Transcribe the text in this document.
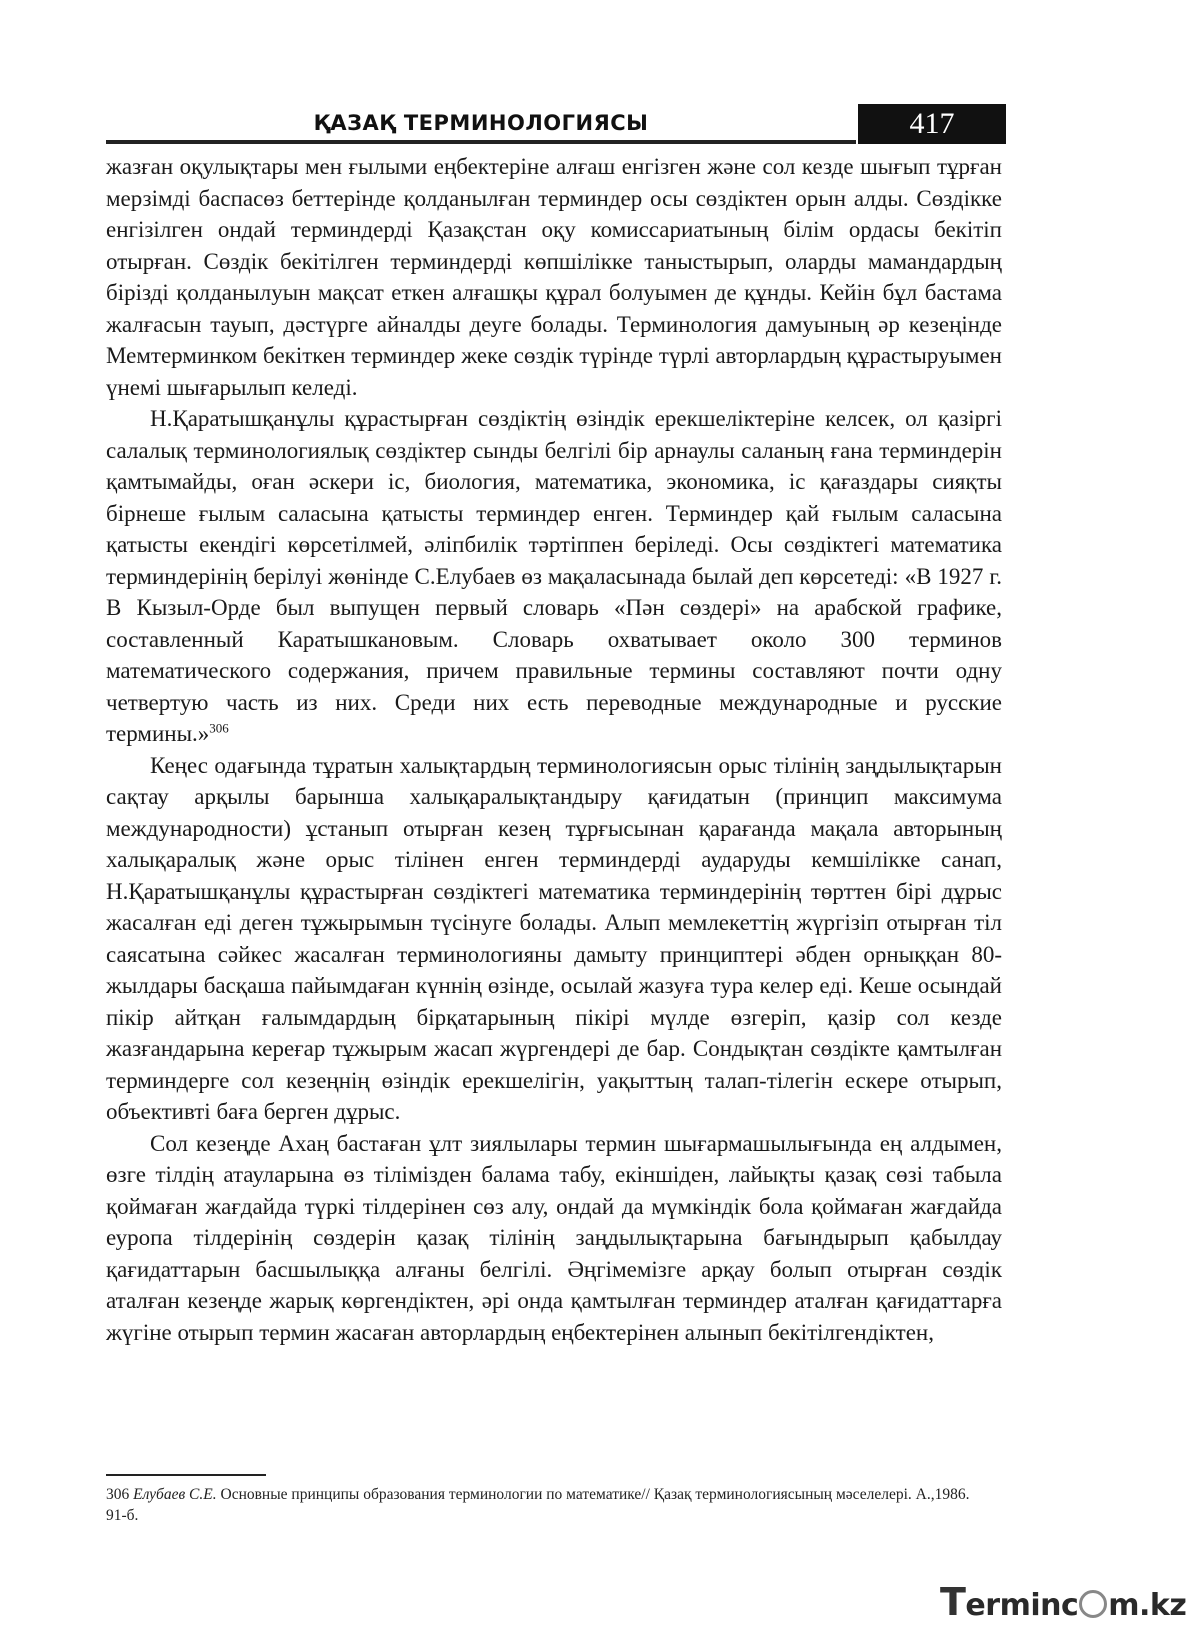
ҚАЗАҚ ТЕРМИНОЛОГИЯСЫ	417

жазған оқулықтары мен ғылыми еңбектеріне алғаш енгізген және сол кезде шығып тұрған мерзімді баспасөз беттерінде қолданылған терминдер осы сөздіктен орын алды. Сөздікке енгізілген ондай терминдерді Қазақстан оқу комиссариатының білім ордасы бекітіп отырған. Сөздік бекітілген терминдерді көпшілікке таныстырып, оларды мамандардың бірізді қолданылуын мақсат еткен алғашқы құрал болуымен де құнды. Кейін бұл бастама жалғасын тауып, дәстүрге айналды деуге болады. Терминология дамуының әр кезеңінде Мемтерминком бекіткен терминдер жеке сөздік түрінде түрлі авторлардың құрастыруымен үнемі шығарылып келеді.

Н.Қаратышқанұлы құрастырған сөздіктің өзіндік ерекшеліктеріне келсек, ол қазіргі салалық терминологиялық сөздіктер сынды белгілі бір арнаулы саланың ғана терминдерін қамтымайды, оған әскери іс, биология, математика, экономика, іс қағаздары сияқты бірнеше ғылым саласына қатысты терминдер енген. Терминдер қай ғылым саласына қатысты екендігі көрсетілмей, әліпбилік тәртіппен беріледі. Осы сөздіктегі математика терминдерінің берілуі жөнінде С.Елубаев өз мақаласынада былай деп көрсетеді: «В 1927 г. В Кызыл-Орде был выпущен первый словарь «Пән сөздері» на арабской графике, составленный Каратышкановым. Словарь охватывает около 300 терминов математического содержания, причем правильные термины составляют почти одну четвертую часть из них. Среди них есть переводные международные и русские термины.»$^{306}$

Кеңес одағында тұратын халықтардың терминологиясын орыс тілінің заңдылықтарын сақтау арқылы барынша халықаралықтандыру қағидатын (принцип максимума международности) ұстанып отырған кезең тұрғысынан қарағанда мақала авторының халықаралық және орыс тілінен енген терминдерді аударуды кемшілікке санап, Н.Қаратышқанұлы құрастырған сөздіктегі математика терминдерінің төрттен бірі дұрыс жасалған еді деген тұжырымын түсінуге болады. Алып мемлекеттің жүргізіп отырған тіл саясатына сәйкес жасалған терминологияны дамыту принциптері әбден орныққан 80-жылдары басқаша пайымдаған күннің өзінде, осылай жазуға тура келер еді. Кеше осындай пікір айтқан ғалымдардың бірқатарының пікірі мүлде өзгеріп, қазір сол кезде жазғандарына кереғар тұжырым жасап жүргендері де бар. Сондықтан сөздікте қамтылған терминдерге сол кезеңнің өзіндік ерекшелігін, уақыттың талап-тілегін ескере отырып, объективті баға берген дұрыс.

Сол кезеңде Ахаң бастаған ұлт зиялылары термин шығармашылығында ең алдымен, өзге тілдің атауларына өз тілімізден балама табу, екіншіден, лайықты қазақ сөзі табыла қоймаған жағдайда түркі тілдерінен сөз алу, ондай да мүмкіндік бола қоймаған жағдайда еуропа тілдерінің сөздерін қазақ тілінің заңдылықтарына бағындырып қабылдау қағидаттарын басшылыққа алғаны белгілі. Әңгімемізге арқау болып отырған сөздік аталған кезеңде жарық көргендіктен, әрі онда қамтылған терминдер аталған қағидаттарға жүгіне отырып термин жасаған авторлардың еңбектерінен алынып бекітілгендіктен,

306 Елубаев С.Е. Основные принципы образования терминологии по математике// Қазақ терминологиясының мәселелері. А.,1986. 91-б.
Terminc m.kz
